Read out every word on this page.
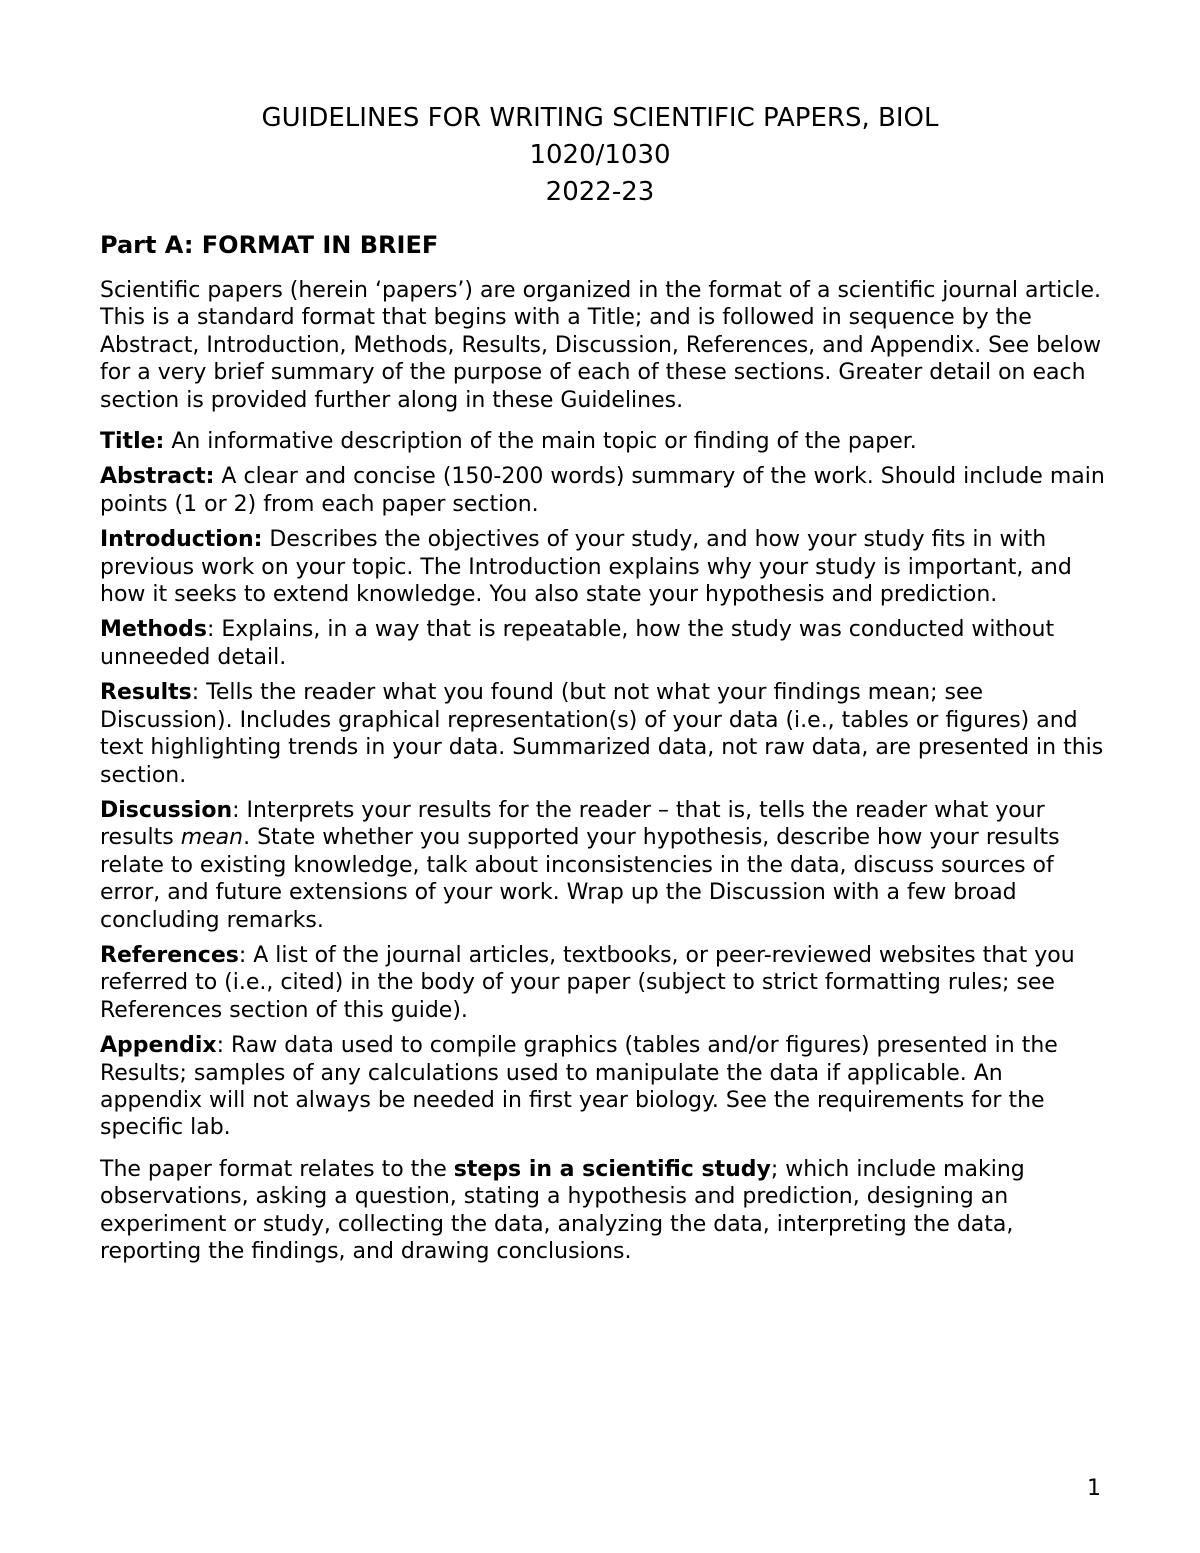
GUIDELINES FOR WRITING SCIENTIFIC PAPERS, BIOL
1020/1030
2022-23
Part A: FORMAT IN BRIEF

Scientific papers (herein ‘papers’) are organized in the format of a scientific journal article. This is a standard format that begins with a Title; and is followed in sequence by the Abstract, Introduction, Methods, Results, Discussion, References, and Appendix. See below for a very brief summary of the purpose of each of these sections. Greater detail on each section is provided further along in these Guidelines.

Title: An informative description of the main topic or finding of the paper.

Abstract: A clear and concise (150-200 words) summary of the work. Should include main points (1 or 2) from each paper section.

Introduction: Describes the objectives of your study, and how your study fits in with previous work on your topic. The Introduction explains why your study is important, and how it seeks to extend knowledge. You also state your hypothesis and prediction.

Methods: Explains, in a way that is repeatable, how the study was conducted without unneeded detail.

Results: Tells the reader what you found (but not what your findings mean; see Discussion). Includes graphical representation(s) of your data (i.e., tables or figures) and text highlighting trends in your data. Summarized data, not raw data, are presented in this section.

Discussion: Interprets your results for the reader – that is, tells the reader what your results mean. State whether you supported your hypothesis, describe how your results relate to existing knowledge, talk about inconsistencies in the data, discuss sources of error, and future extensions of your work. Wrap up the Discussion with a few broad concluding remarks.

References: A list of the journal articles, textbooks, or peer-reviewed websites that you referred to (i.e., cited) in the body of your paper (subject to strict formatting rules; see References section of this guide).

Appendix: Raw data used to compile graphics (tables and/or figures) presented in the Results; samples of any calculations used to manipulate the data if applicable. An appendix will not always be needed in first year biology. See the requirements for the specific lab.

The paper format relates to the steps in a scientific study; which include making observations, asking a question, stating a hypothesis and prediction, designing an experiment or study, collecting the data, analyzing the data, interpreting the data, reporting the findings, and drawing conclusions.

1
